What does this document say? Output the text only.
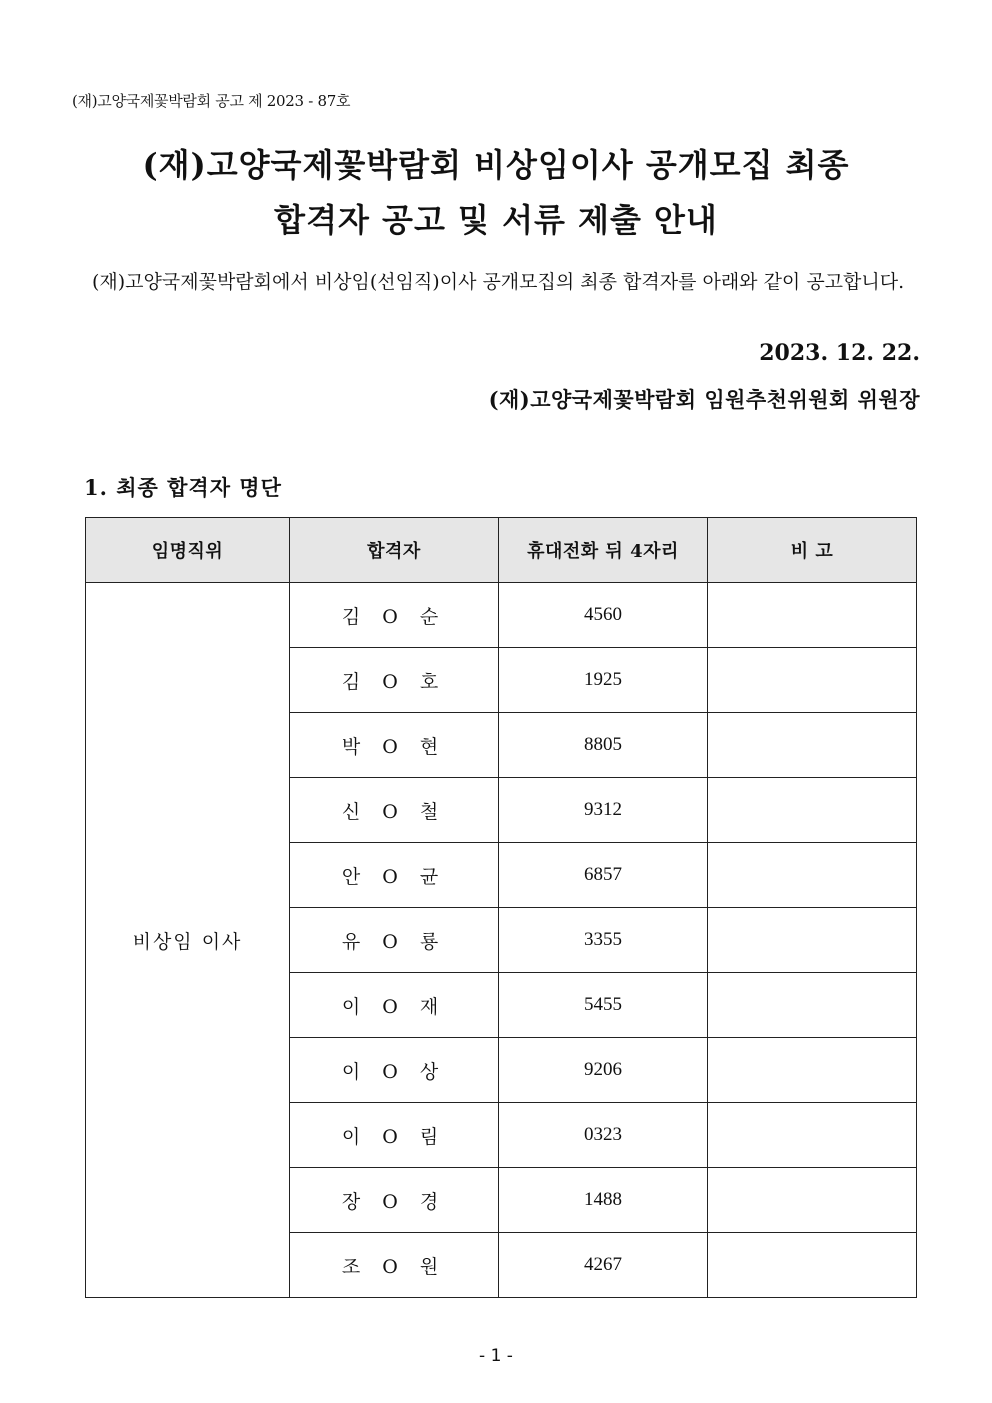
(재)고양국제꽃박람회 공고 제 2023 - 87호
(재)고양국제꽃박람회 비상임이사 공개모집 최종
합격자 공고 및 서류 제출 안내
(재)고양국제꽃박람회에서 비상임(선임직)이사 공개모집의 최종 합격자를 아래와 같이 공고합니다.
2023. 12. 22.
(재)고양국제꽃박람회 임원추천위원회 위원장
1. 최종 합격자 명단
임명직위	합격자	휴대전화 뒤 4자리	비 고
비상임 이사	김 O 순	4560	
	김 O 호	1925	
	박 O 현	8805	
	신 O 철	9312	
	안 O 균	6857	
	유 O 룡	3355	
	이 O 재	5455	
	이 O 상	9206	
	이 O 림	0323	
	장 O 경	1488	
	조 O 원	4267	
- 1 -
